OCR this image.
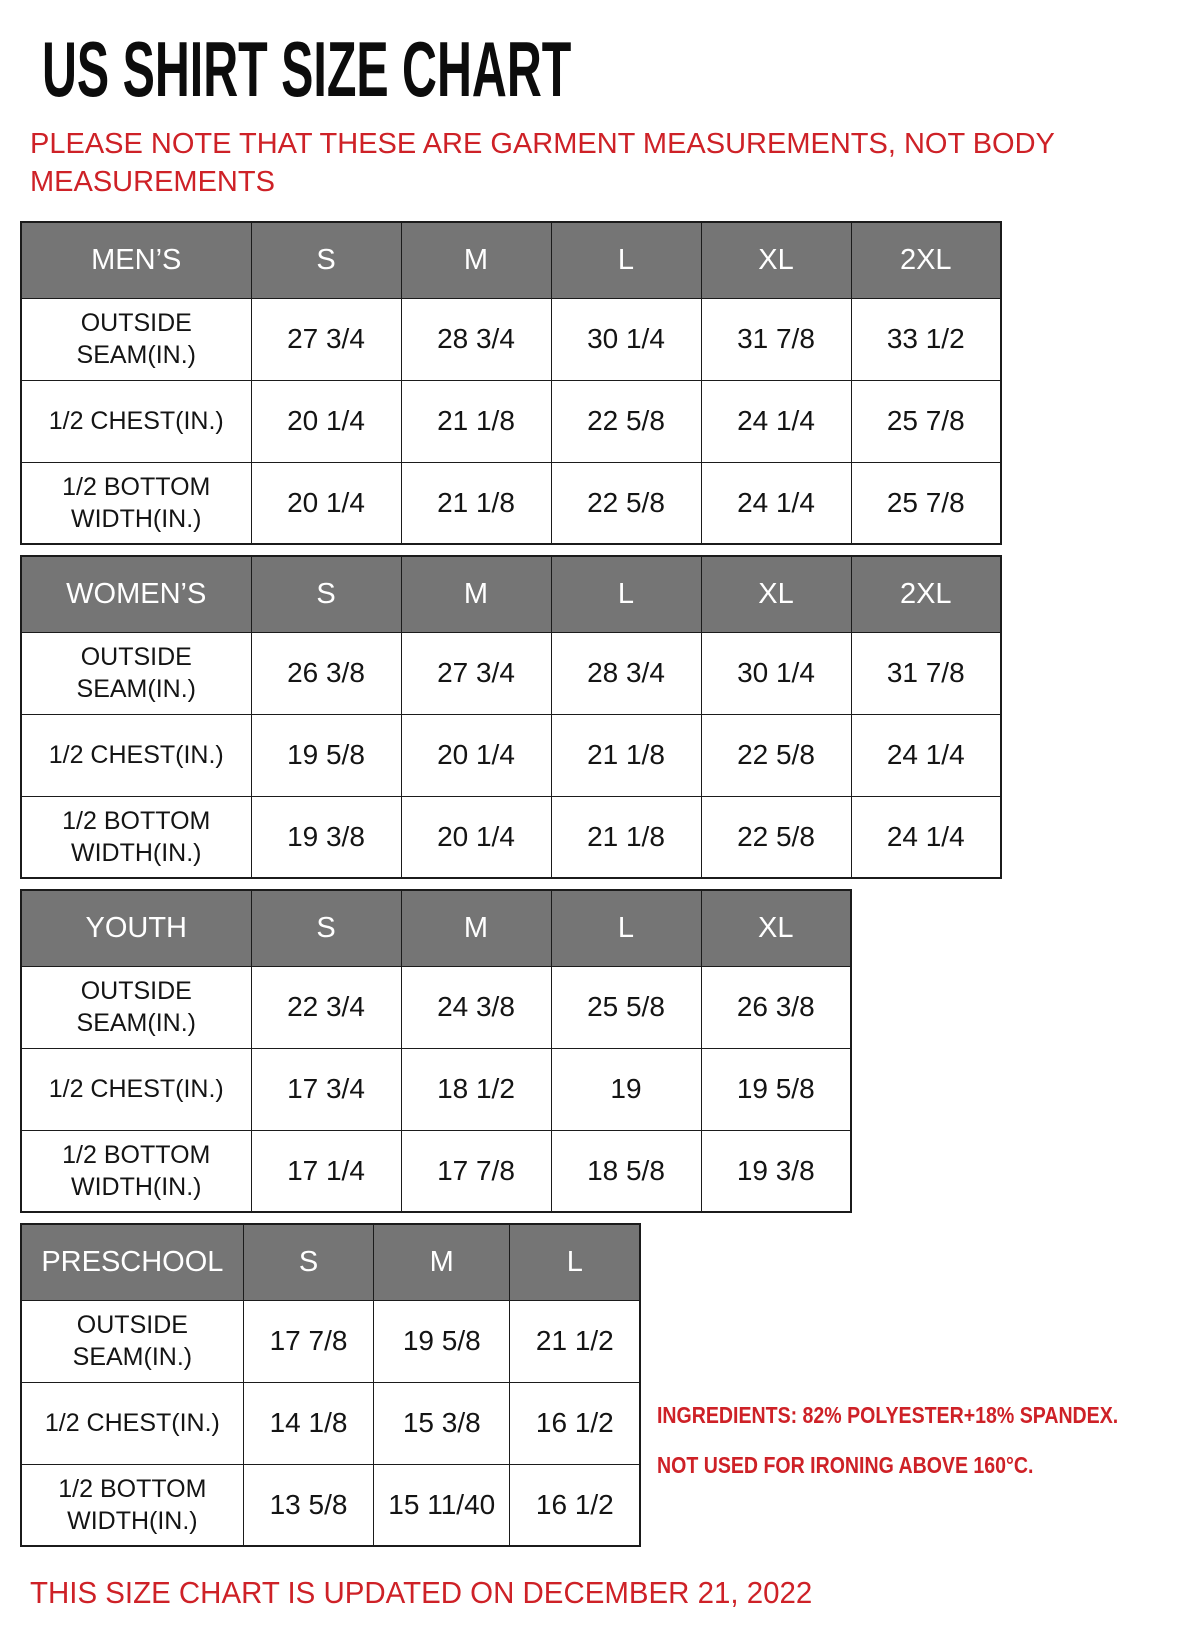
US SHIRT SIZE CHART

PLEASE NOTE THAT THESE ARE GARMENT MEASUREMENTS, NOT BODY MEASUREMENTS

MEN’S	S	M	L	XL	2XL
OUTSIDE SEAM(IN.)	27 3/4	28 3/4	30 1/4	31 7/8	33 1/2
1/2 CHEST(IN.)	20 1/4	21 1/8	22 5/8	24 1/4	25 7/8
1/2 BOTTOM WIDTH(IN.)	20 1/4	21 1/8	22 5/8	24 1/4	25 7/8
WOMEN’S	S	M	L	XL	2XL
OUTSIDE SEAM(IN.)	26 3/8	27 3/4	28 3/4	30 1/4	31 7/8
1/2 CHEST(IN.)	19 5/8	20 1/4	21 1/8	22 5/8	24 1/4
1/2 BOTTOM WIDTH(IN.)	19 3/8	20 1/4	21 1/8	22 5/8	24 1/4
YOUTH	S	M	L	XL
OUTSIDE SEAM(IN.)	22 3/4	24 3/8	25 5/8	26 3/8
1/2 CHEST(IN.)	17 3/4	18 1/2	19	19 5/8
1/2 BOTTOM WIDTH(IN.)	17 1/4	17 7/8	18 5/8	19 3/8
PRESCHOOL	S	M	L
OUTSIDE SEAM(IN.)	17 7/8	19 5/8	21 1/2
1/2 CHEST(IN.)	14 1/8	15 3/8	16 1/2
1/2 BOTTOM WIDTH(IN.)	13 5/8	15 11/40	16 1/2
INGREDIENTS: 82% POLYESTER+18% SPANDEX.
NOT USED FOR IRONING ABOVE 160°C.

THIS SIZE CHART IS UPDATED ON DECEMBER 21, 2022
